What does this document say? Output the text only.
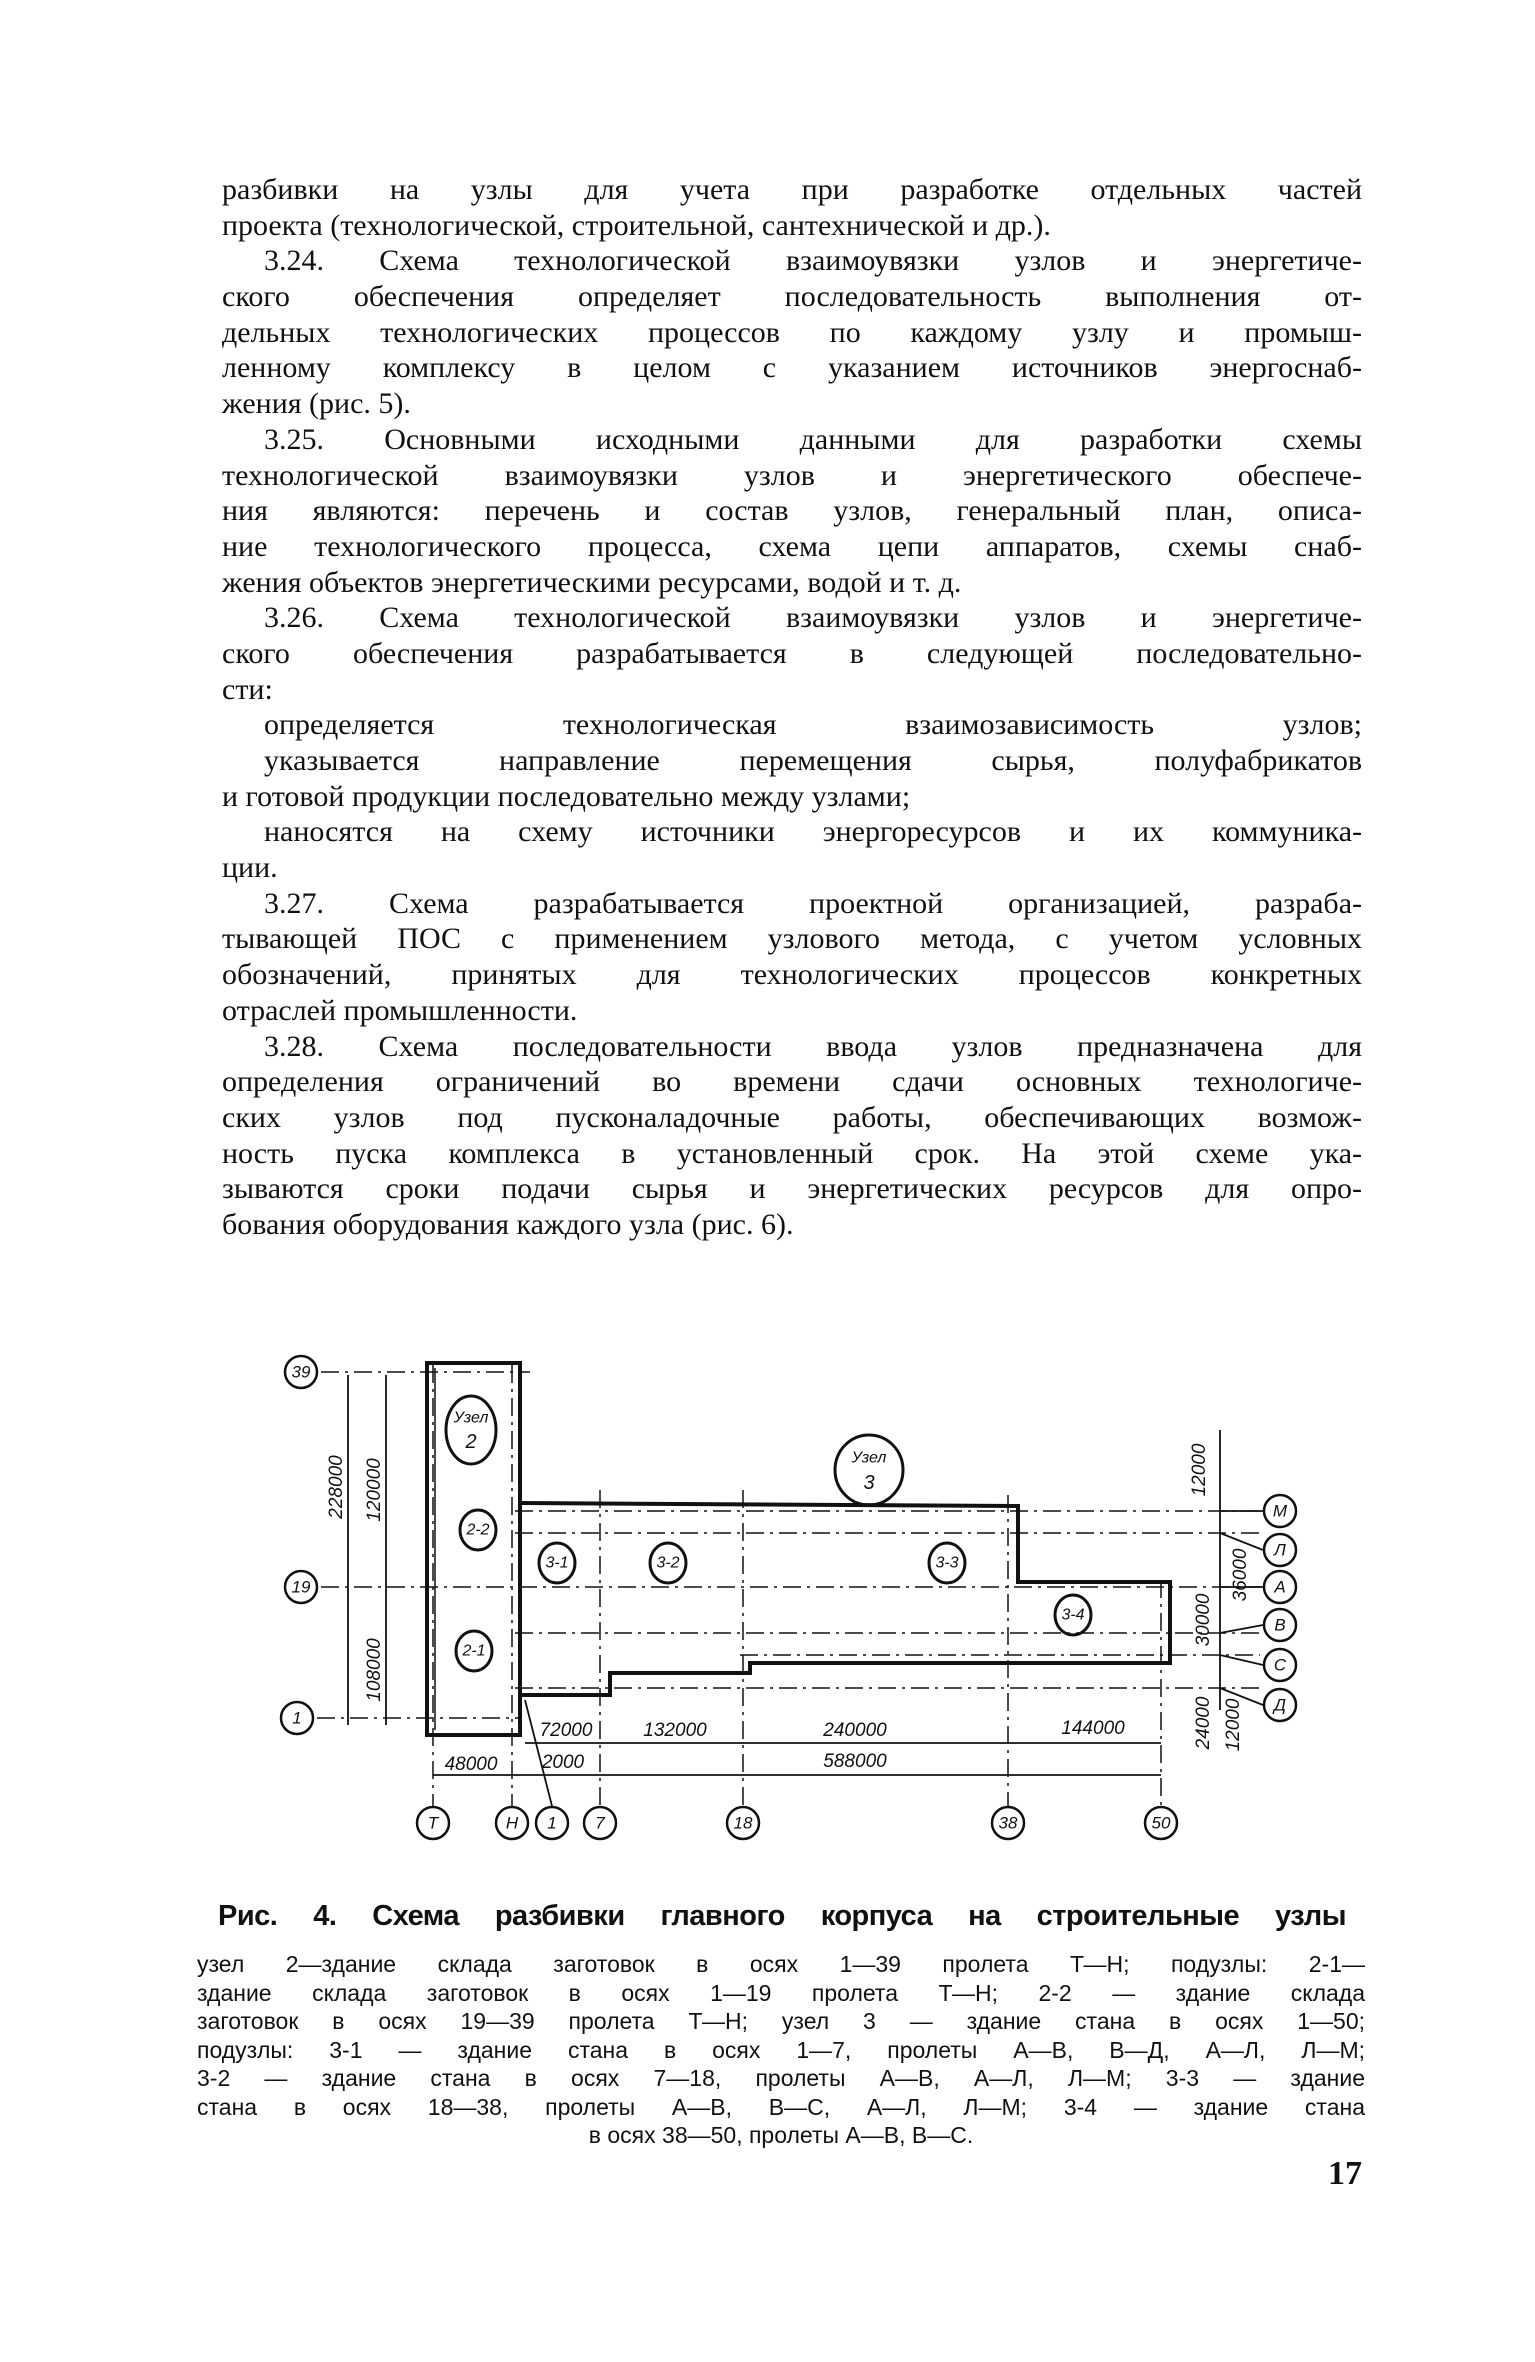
разбивки на узлы для учета при разработке отдельных частей
проекта (технологической, строительной, сантехнической и др.).
3.24. Схема технологической взаимоувязки узлов и энергетиче-
ского обеспечения определяет последовательность выполнения от-
дельных технологических процессов по каждому узлу и промыш-
ленному комплексу в целом с указанием источников энергоснаб-
жения (рис. 5).
3.25. Основными исходными данными для разработки схемы
технологической взаимоувязки узлов и энергетического обеспече-
ния являются: перечень и состав узлов, генеральный план, описа-
ние технологического процесса, схема цепи аппаратов, схемы снаб-
жения объектов энергетическими ресурсами, водой и т. д.
3.26. Схема технологической взаимоувязки узлов и энергетиче-
ского обеспечения разрабатывается в следующей последовательно-
сти:
определяется технологическая взаимозависимость узлов;
указывается направление перемещения сырья, полуфабрикатов
и готовой продукции последовательно между узлами;
наносятся на схему источники энергоресурсов и их коммуника-
ции.
3.27. Схема разрабатывается проектной организацией, разраба-
тывающей ПОС с применением узлового метода, с учетом условных
обозначений, принятых для технологических процессов конкретных
отраслей промышленности.
3.28. Схема последовательности ввода узлов предназначена для
определения ограничений во времени сдачи основных технологиче-
ских узлов под пусконаладочные работы, обеспечивающих возмож-
ность пуска комплекса в установленный срок. На этой схеме ука-
зываются сроки подачи сырья и энергетических ресурсов для опро-
бования оборудования каждого узла (рис. 6).
Узел
2
2-2
2-1
Узел
3
3-1	3-2	3-3
3-4
39
19
1
М
Л
А
В
С
Д
Т	Н 1 7	18	38	50
228000 120000
108000
72000	132000	240000	144000
48000 2000	588000
12000
36000
30000
24000 12000
Рис. 4. Схема разбивки главного корпуса на строительные узлы
узел 2—здание склада заготовок в осях 1—39 пролета Т—Н; подузлы: 2-1—
здание склада заготовок в осях 1—19 пролета Т—Н; 2-2 — здание склада
заготовок в осях 19—39 пролета Т—Н; узел 3 — здание стана в осях 1—50;
подузлы: 3-1 — здание стана в осях 1—7, пролеты А—В, В—Д, А—Л, Л—М;
3-2 — здание стана в осях 7—18, пролеты А—В, А—Л, Л—М; 3-3 — здание
стана в осях 18—38, пролеты А—В, В—С, А—Л, Л—М; 3-4 — здание стана
в осях 38—50, пролеты А—В, В—С.
17
